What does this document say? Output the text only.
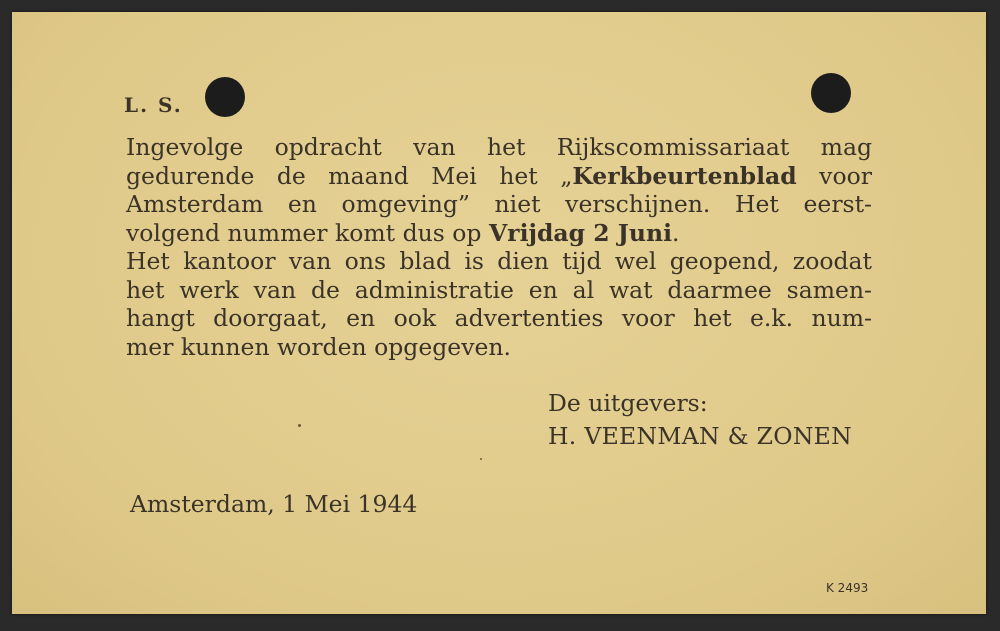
L. S.
Ingevolge opdracht van het Rijkscommissariaat mag
gedurende de maand Mei het „Kerkbeurtenblad voor
Amsterdam en omgeving” niet verschijnen. Het eerst-
volgend nummer komt dus op Vrijdag 2 Juni.
Het kantoor van ons blad is dien tijd wel geopend, zoodat
het werk van de administratie en al wat daarmee samen-
hangt doorgaat, en ook advertenties voor het e.k. num-
mer kunnen worden opgegeven.
De uitgevers:
H. VEENMAN & ZONEN
Amsterdam, 1 Mei 1944
K 2493
